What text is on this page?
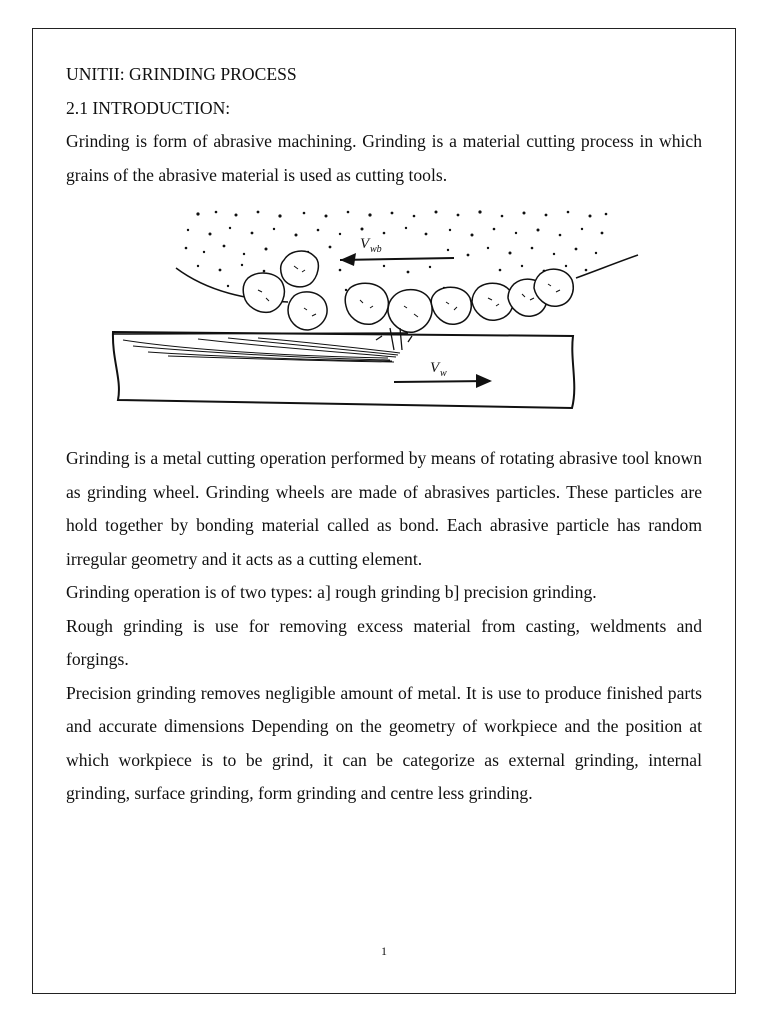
UNITII: GRINDING PROCESS

2.1 INTRODUCTION:

Grinding is form of abrasive machining. Grinding is a material cutting process in which grains of the abrasive material is used as cutting tools.

V wb
V w

Grinding is a metal cutting operation performed by means of rotating abrasive tool known as grinding wheel. Grinding wheels are made of abrasives particles. These particles are hold together by bonding material called as bond. Each abrasive particle has random irregular geometry and it acts as a cutting element.

Grinding operation is of two types: a] rough grinding b] precision grinding.

Rough grinding is use for removing excess material from casting, weldments and forgings.

Precision grinding removes negligible amount of metal. It is use to produce finished parts and accurate dimensions Depending on the geometry of workpiece and the position at which workpiece is to be grind, it can be categorize as external grinding, internal grinding, surface grinding, form grinding and centre less grinding.

1
